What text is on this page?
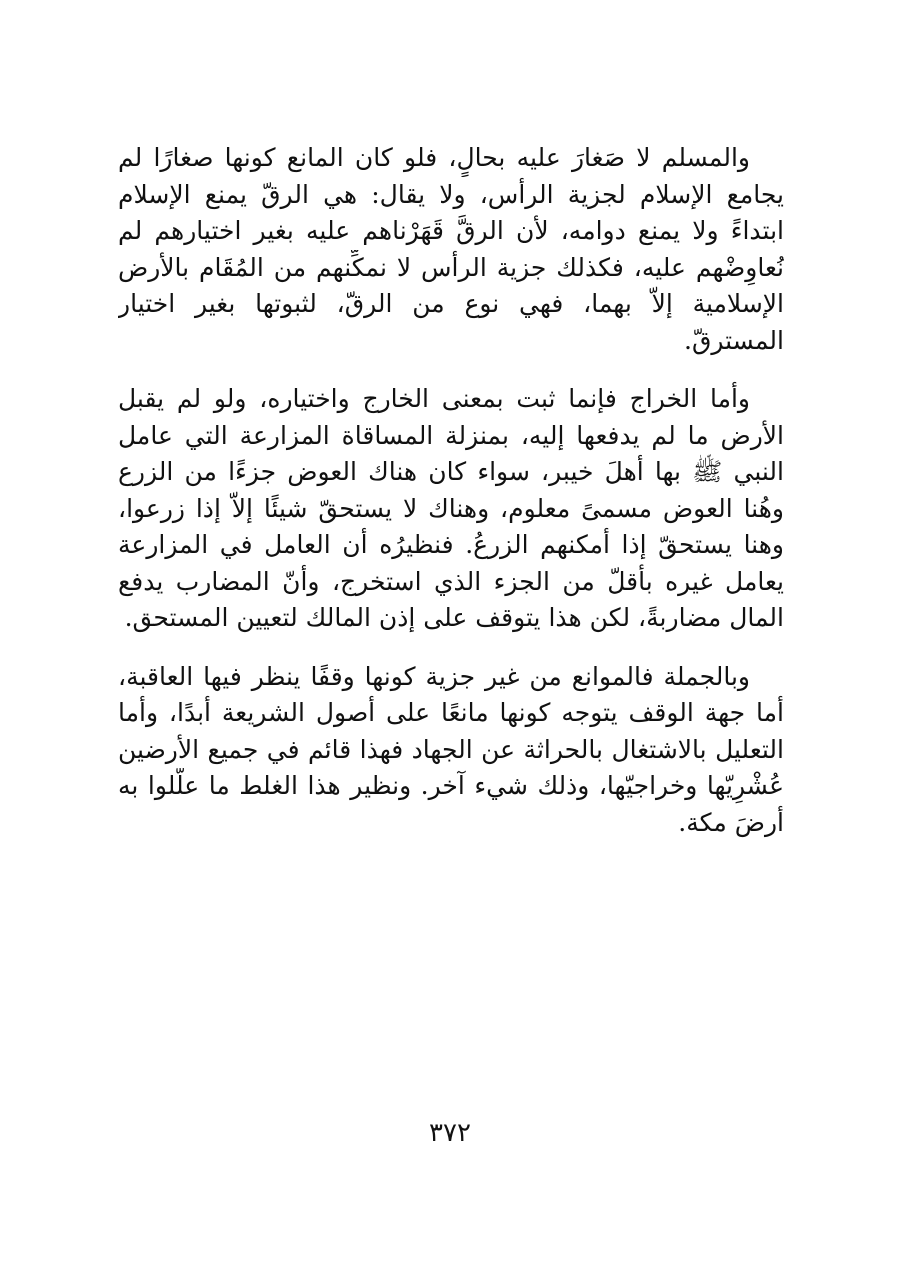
والمسلم لا صَغارَ عليه بحالٍ، فلو كان المانع كونها صغارًا لم
يجامع الإسلام لجزية الرأس، ولا يقال: هي الرقّ يمنع الإسلام
ابتداءً ولا يمنع دوامه، لأن الرقَّ قَهَرْناهم عليه بغير اختيارهم لم
نُعاوِضْهم عليه، فكذلك جزية الرأس لا نمكِّنهم من المُقَام بالأرض
الإسلامية إلاّ بهما، فهي نوع من الرقّ، لثبوتها بغير اختيار
المسترقّ.
وأما الخراج فإنما ثبت بمعنى الخارج واختياره، ولو لم يقبل
الأرض ما لم يدفعها إليه، بمنزلة المساقاة المزارعة التي عامل
النبي ﷺ بها أهلَ خيبر، سواء كان هناك العوض جزءًا من الزرع
وهُنا العوض مسمىً معلوم، وهناك لا يستحقّ شيئًا إلاّ إذا زرعوا،
وهنا يستحقّ إذا أمكنهم الزرعُ. فنظيرُه أن العامل في المزارعة
يعامل غيره بأقلّ من الجزء الذي استخرج، وأنّ المضارب يدفع
المال مضاربةً، لكن هذا يتوقف على إذن المالك لتعيين المستحق.
وبالجملة فالموانع من غير جزية كونها وقفًا ينظر فيها العاقبة،
أما جهة الوقف يتوجه كونها مانعًا على أصول الشريعة أبدًا، وأما
التعليل بالاشتغال بالحراثة عن الجهاد فهذا قائم في جميع الأرضين
عُشْرِيّها وخراجيّها، وذلك شيء آخر. ونظير هذا الغلط ما علَّلوا به
أرضَ مكة.
٣٧٢
